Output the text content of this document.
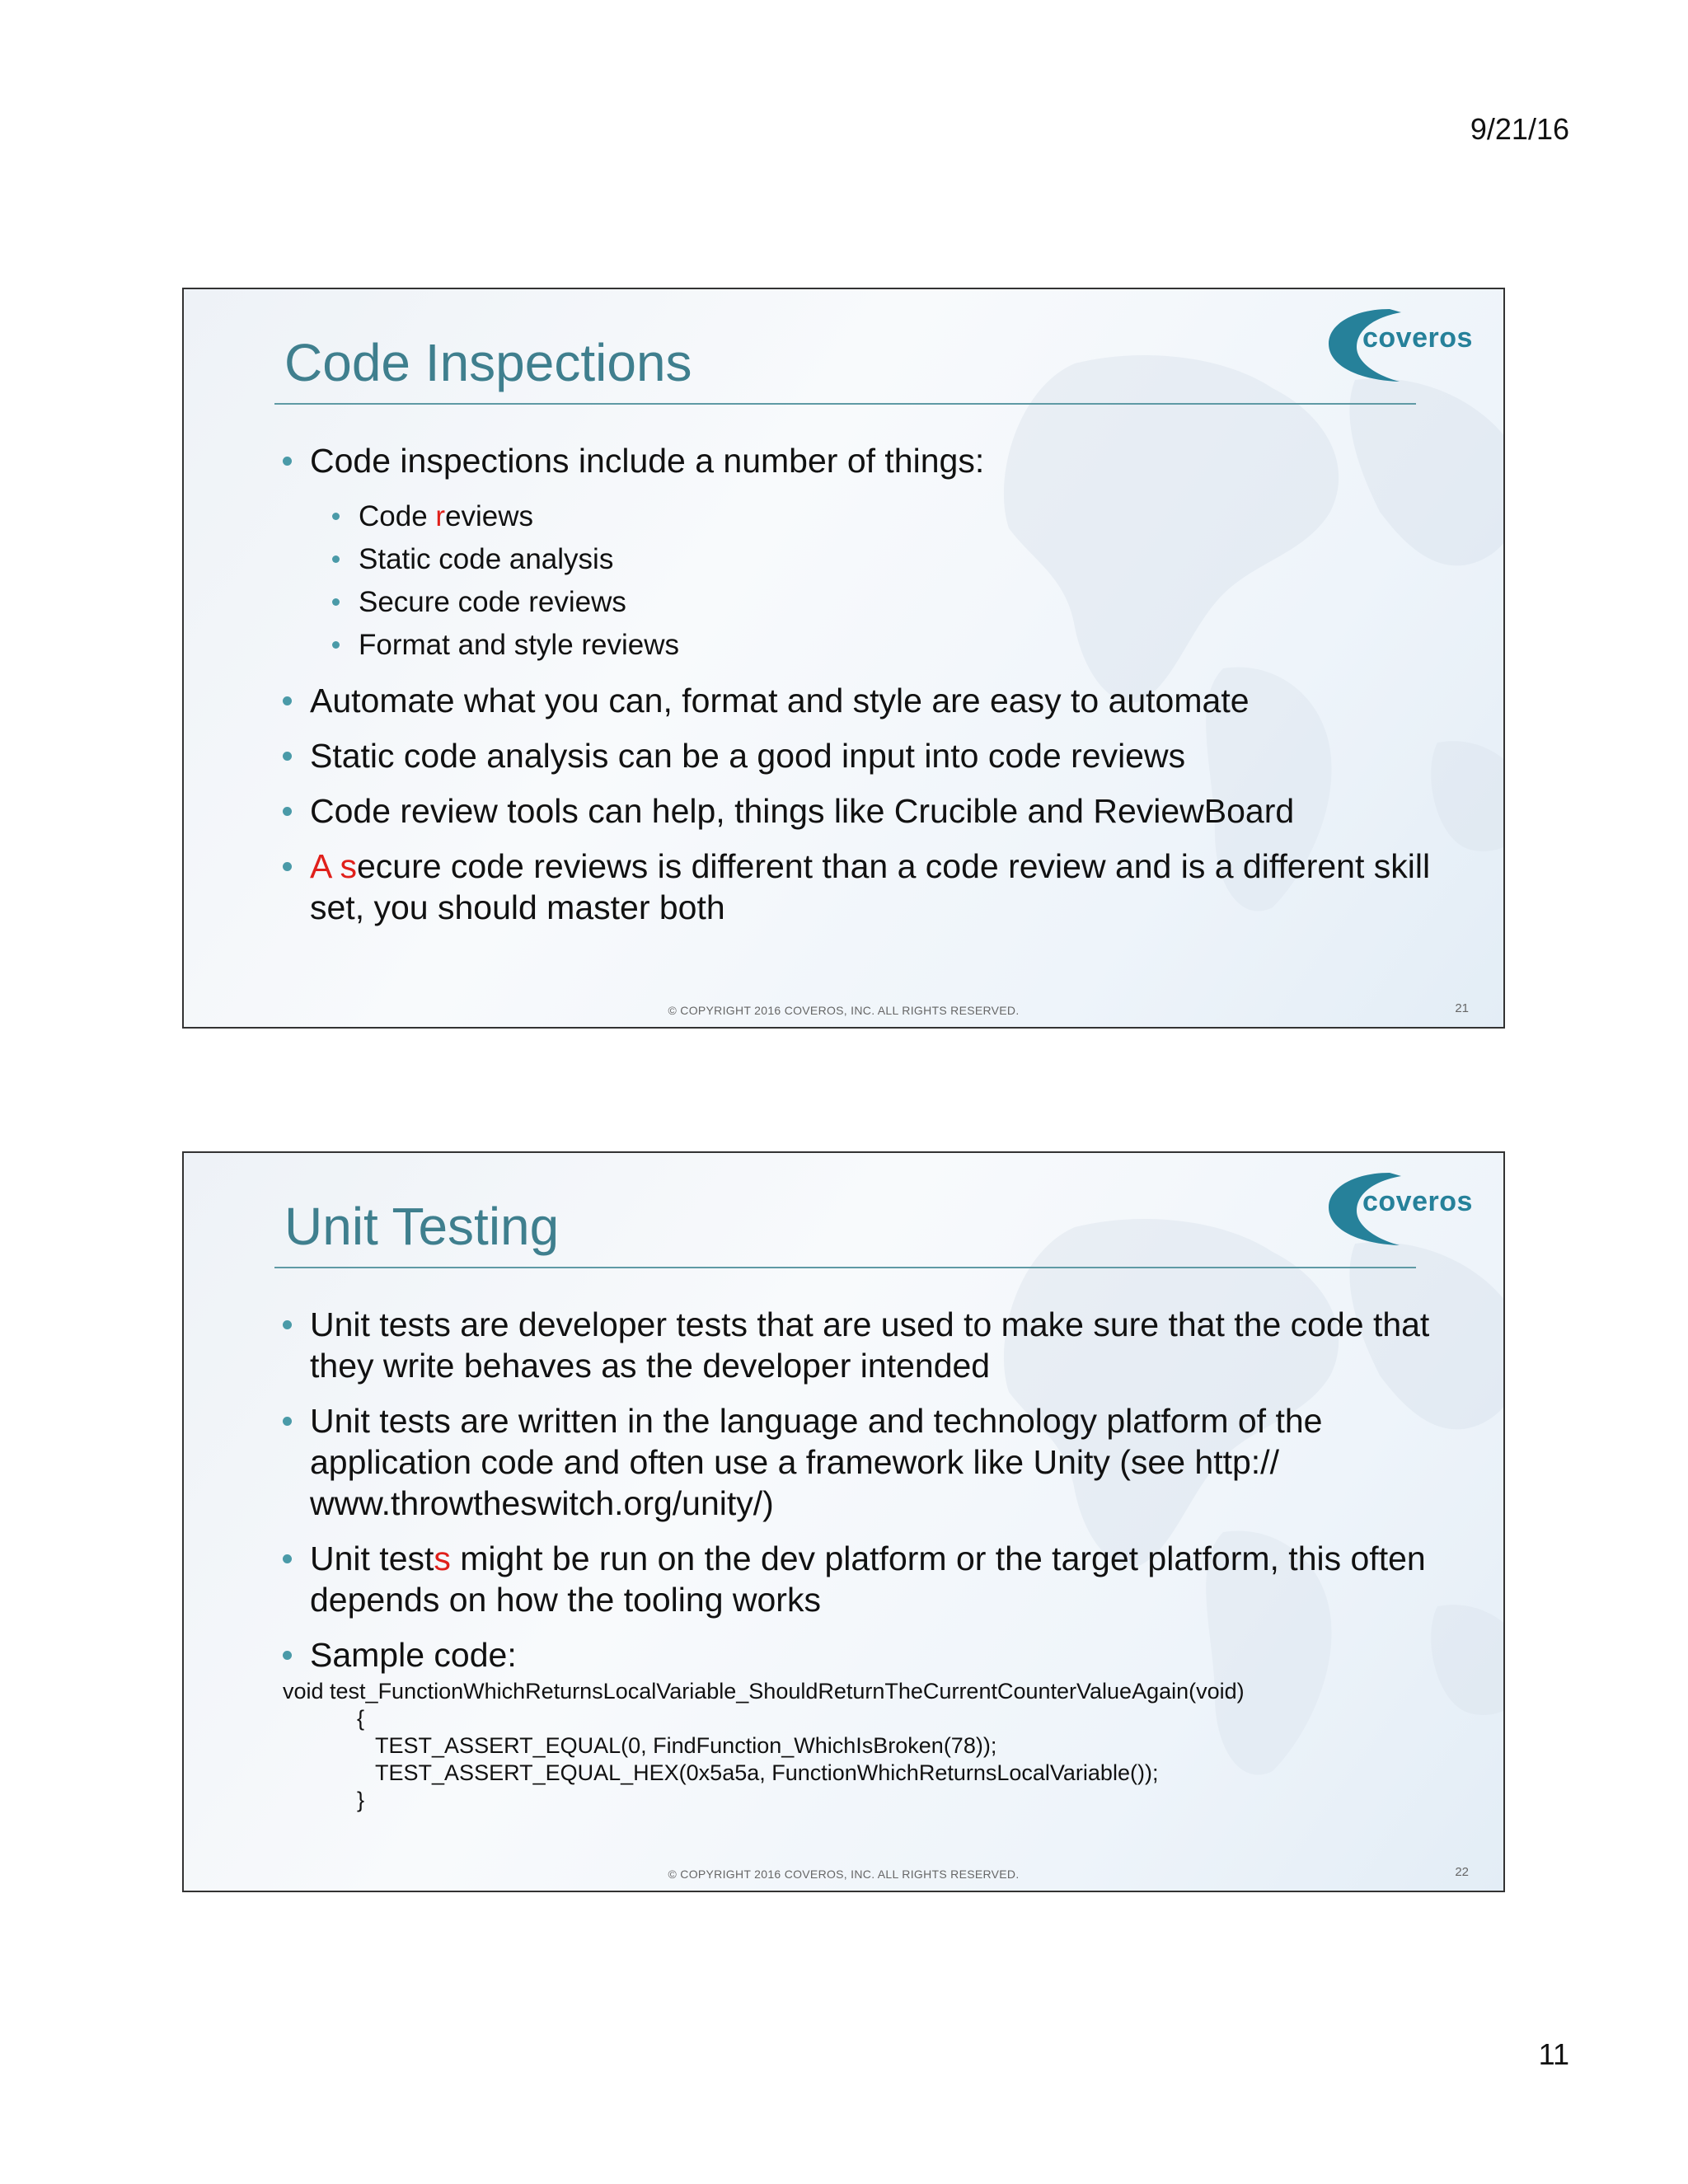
9/21/16
Code Inspections	coveros
Code inspections include a number of things:
Code reviews
Static code analysis
Secure code reviews
Format and style reviews
Automate what you can, format and style are easy to automate
Static code analysis can be a good input into code reviews
Code review tools can help, things like Crucible and ReviewBoard
A secure code reviews is different than a code review and is a different skill set, you should master both
© COPYRIGHT 2016 COVEROS, INC. ALL RIGHTS RESERVED.	21
Unit Testing	coveros
Unit tests are developer tests that are used to make sure that the code that they write behaves as the developer intended
Unit tests are written in the language and technology platform of the application code and often use a framework like Unity (see http:// www.throwtheswitch.org/unity/)
Unit tests might be run on the dev platform or the target platform, this often depends on how the tooling works
Sample code:
void test_FunctionWhichReturnsLocalVariable_ShouldReturnTheCurrentCounterValueAgain(void)
{
TEST_ASSERT_EQUAL(0, FindFunction_WhichIsBroken(78));
TEST_ASSERT_EQUAL_HEX(0x5a5a, FunctionWhichReturnsLocalVariable());
}
© COPYRIGHT 2016 COVEROS, INC. ALL RIGHTS RESERVED.	22
11
